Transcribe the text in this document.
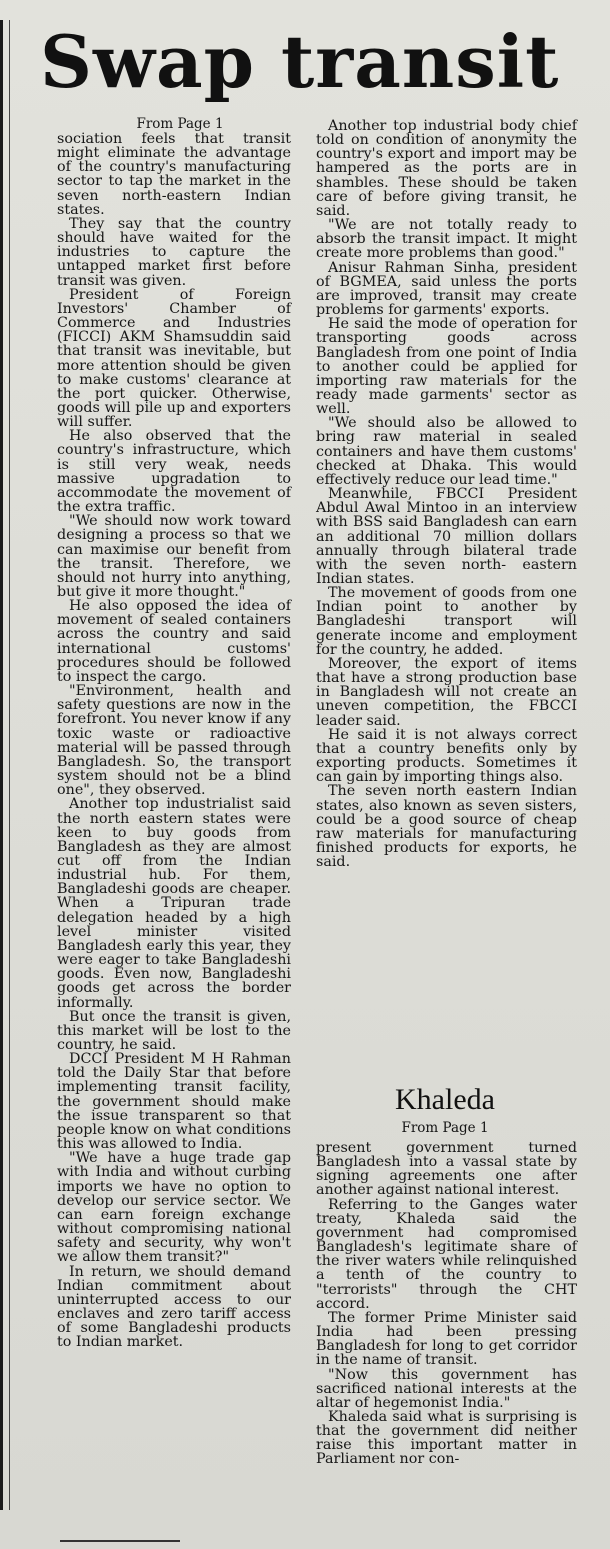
Swap transit

From Page 1

sociation feels that transit might eliminate the advantage of the country's manufacturing sector to tap the market in the seven north-eastern Indian states.

They say that the country should have waited for the industries to capture the untapped market first before transit was given.

President of Foreign Investors' Chamber of Commerce and Industries (FICCI) AKM Shamsuddin said that transit was inevitable, but more attention should be given to make customs' clearance at the port quicker. Otherwise, goods will pile up and exporters will suffer.

He also observed that the country's infrastructure, which is still very weak, needs massive upgradation to accommodate the movement of the extra traffic.

"We should now work toward designing a process so that we can maximise our benefit from the transit. Therefore, we should not hurry into anything, but give it more thought."

He also opposed the idea of movement of sealed containers across the country and said international customs' procedures should be followed to inspect the cargo.

"Environment, health and safety questions are now in the forefront. You never know if any toxic waste or radioactive material will be passed through Bangladesh. So, the transport system should not be a blind one", they observed.

Another top industrialist said the north eastern states were keen to buy goods from Bangladesh as they are almost cut off from the Indian industrial hub. For them, Bangladeshi goods are cheaper. When a Tripuran trade delegation headed by a high level minister visited Bangladesh early this year, they were eager to take Bangladeshi goods. Even now, Bangladeshi goods get across the border informally.

But once the transit is given, this market will be lost to the country, he said.

DCCI President M H Rahman told the Daily Star that before implementing transit facility, the government should make the issue transparent so that people know on what conditions this was allowed to India.

"We have a huge trade gap with India and without curbing imports we have no option to develop our service sector. We can earn foreign exchange without compromising national safety and security, why won't we allow them transit?"

In return, we should demand Indian commitment about uninterrupted access to our enclaves and zero tariff access of some Bangladeshi products to Indian market.

Another top industrial body chief told on condition of anonymity the country's export and import may be hampered as the ports are in shambles. These should be taken care of before giving transit, he said.

"We are not totally ready to absorb the transit impact. It might create more problems than good."

Anisur Rahman Sinha, president of BGMEA, said unless the ports are improved, transit may create problems for garments' exports.

He said the mode of operation for transporting goods across Bangladesh from one point of India to another could be applied for importing raw materials for the ready made garments' sector as well.

"We should also be allowed to bring raw material in sealed containers and have them customs' checked at Dhaka. This would effectively reduce our lead time."

Meanwhile, FBCCI President Abdul Awal Mintoo in an interview with BSS said Bangladesh can earn an additional 70 million dollars annually through bilateral trade with the seven north- eastern Indian states.

The movement of goods from one Indian point to another by Bangladeshi transport will generate income and employment for the country, he added.

Moreover, the export of items that have a strong production base in Bangladesh will not create an uneven competition, the FBCCI leader said.

He said it is not always correct that a country benefits only by exporting products. Sometimes it can gain by importing things also.

The seven north eastern Indian states, also known as seven sisters, could be a good source of cheap raw materials for manufacturing finished products for exports, he said.

Khaleda
From Page 1

present government turned Bangladesh into a vassal state by signing agreements one after another against national interest.

Referring to the Ganges water treaty, Khaleda said the government had compromised Bangladesh's legitimate share of the river waters while relinquished a tenth of the country to "terrorists" through the CHT accord.

The former Prime Minister said India had been pressing Bangladesh for long to get corridor in the name of transit.

"Now this government has sacrificed national interests at the altar of hegemonist India."

Khaleda said what is surprising is that the government did neither raise this important matter in Parliament nor con-
